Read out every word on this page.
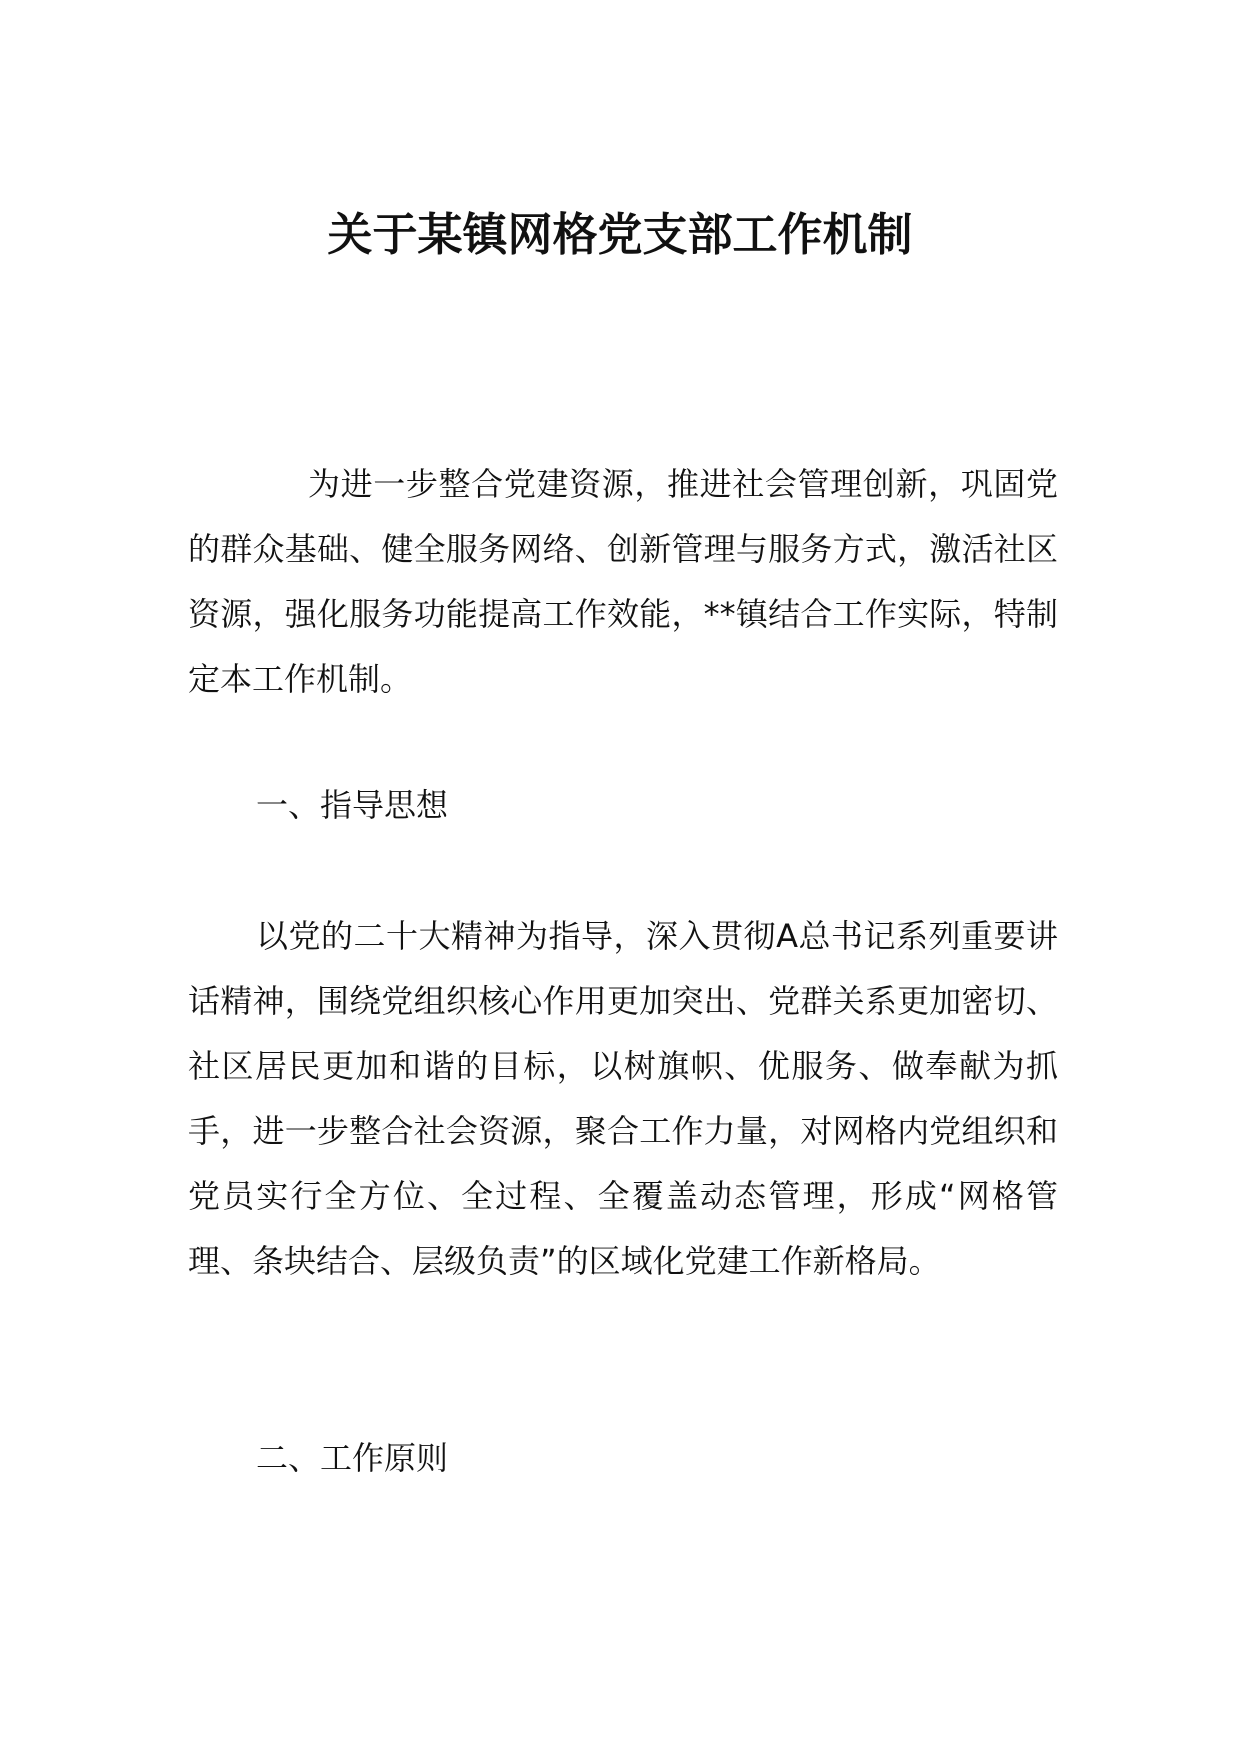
关于某镇网格党支部工作机制

为进一步整合党建资源，推进社会管理创新，巩固党的群众基础、健全服务网络、创新管理与服务方式，激活社区资源，强化服务功能提高工作效能，**镇结合工作实际，特制定本工作机制。

一、指导思想

以党的二十大精神为指导，深入贯彻A总书记系列重要讲话精神，围绕党组织核心作用更加突出、党群关系更加密切、社区居民更加和谐的目标，以树旗帜、优服务、做奉献为抓手，进一步整合社会资源，聚合工作力量，对网格内党组织和党员实行全方位、全过程、全覆盖动态管理，形成“网格管理、条块结合、层级负责”的区域化党建工作新格局。

二、工作原则
